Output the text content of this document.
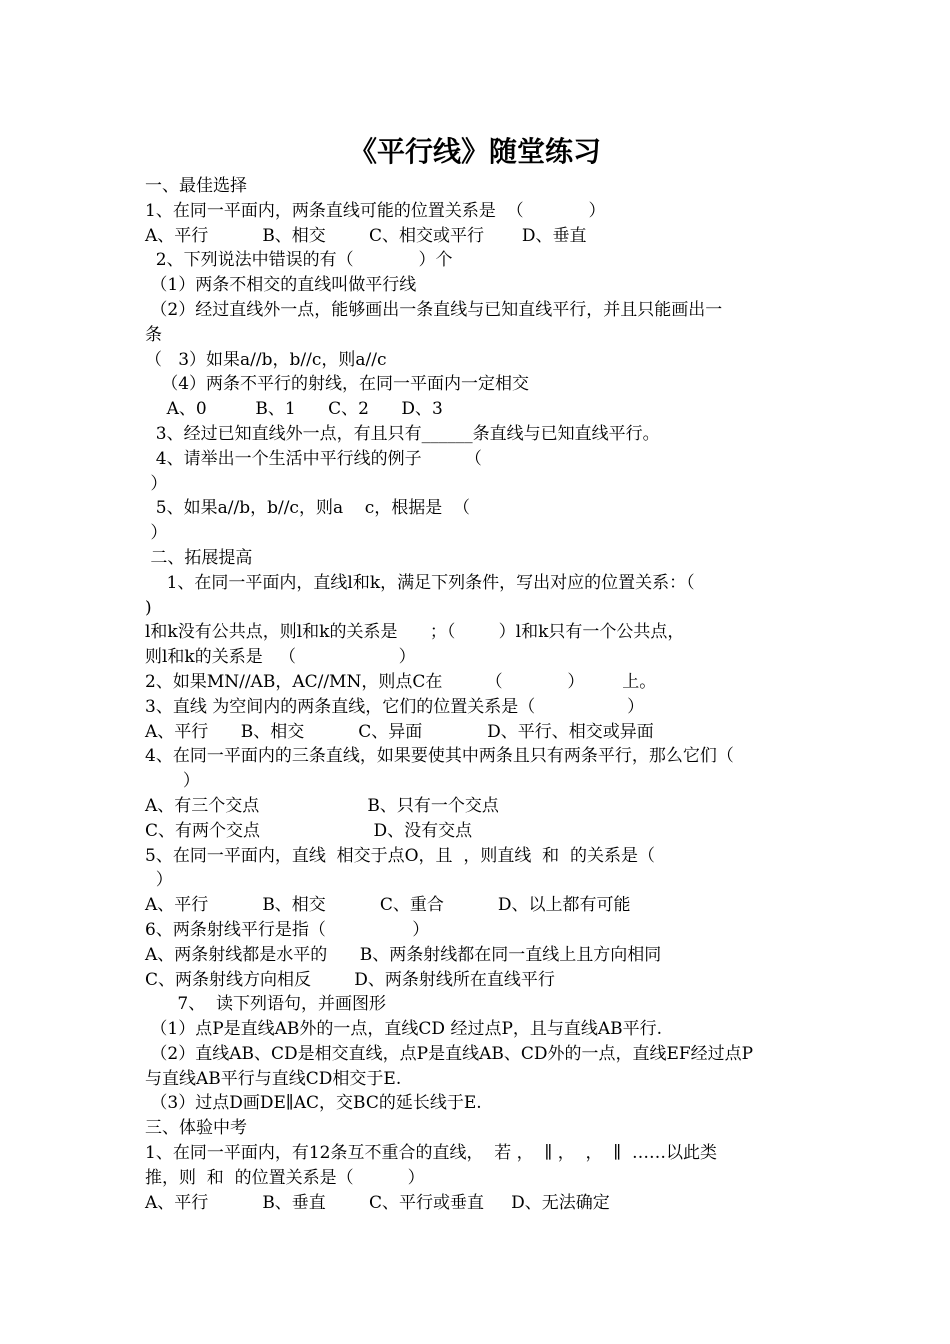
《平行线》随堂练习
一、最佳选择
1、在同一平面内，两条直线可能的位置关系是  （            ）
A、平行          B、相交        C、相交或平行       D、垂直
2、下列说法中错误的有（            ）个
（1）两条不相交的直线叫做平行线
（2）经过直线外一点，能够画出一条直线与已知直线平行，并且只能画出一
条
（   3）如果a//b，b//c，则a//c
（4）两条不平行的射线，在同一平面内一定相交
A、0         B、1      C、2      D、3
3、经过已知直线外一点，有且只有______条直线与已知直线平行。
4、请举出一个生活中平行线的例子        （
）
5、如果a//b，b//c，则a    c，根据是  （
）
二、拓展提高
1、在同一平面内，直线l和k，满足下列条件，写出对应的位置关系：（
)
l和k没有公共点，则l和k的关系是      ；（        ）l和k只有一个公共点，
则l和k的关系是   （                   ）
2、如果MN//AB，AC//MN，则点C在        （            ）       上。
3、直线 为空间内的两条直线，它们的位置关系是（                 ）
A、平行      B、相交          C、异面            D、平行、相交或异面
4、在同一平面内的三条直线，如果要使其中两条且只有两条平行，那么它们（
）
A、有三个交点                    B、只有一个交点
C、有两个交点                     D、没有交点
5、在同一平面内，直线  相交于点O，且  ，则直线  和  的关系是（
）
A、平行          B、相交          C、重合          D、以上都有可能
6、两条射线平行是指（                ）
A、两条射线都是水平的      B、两条射线都在同一直线上且方向相同
C、两条射线方向相反        D、两条射线所在直线平行
7、  读下列语句，并画图形
（1）点P是直线AB外的一点，直线CD 经过点P，且与直线AB平行.
（2）直线AB、CD是相交直线，点P是直线AB、CD外的一点，直线EF经过点P
与直线AB平行与直线CD相交于E.
（3）过点D画DE∥AC，交BC的延长线于E.
三、体验中考
1、在同一平面内，有12条互不重合的直线，  若 ，  ∥ ，  ，  ∥  ……以此类
推，则  和  的位置关系是（          ）
A、平行          B、垂直        C、平行或垂直     D、无法确定
